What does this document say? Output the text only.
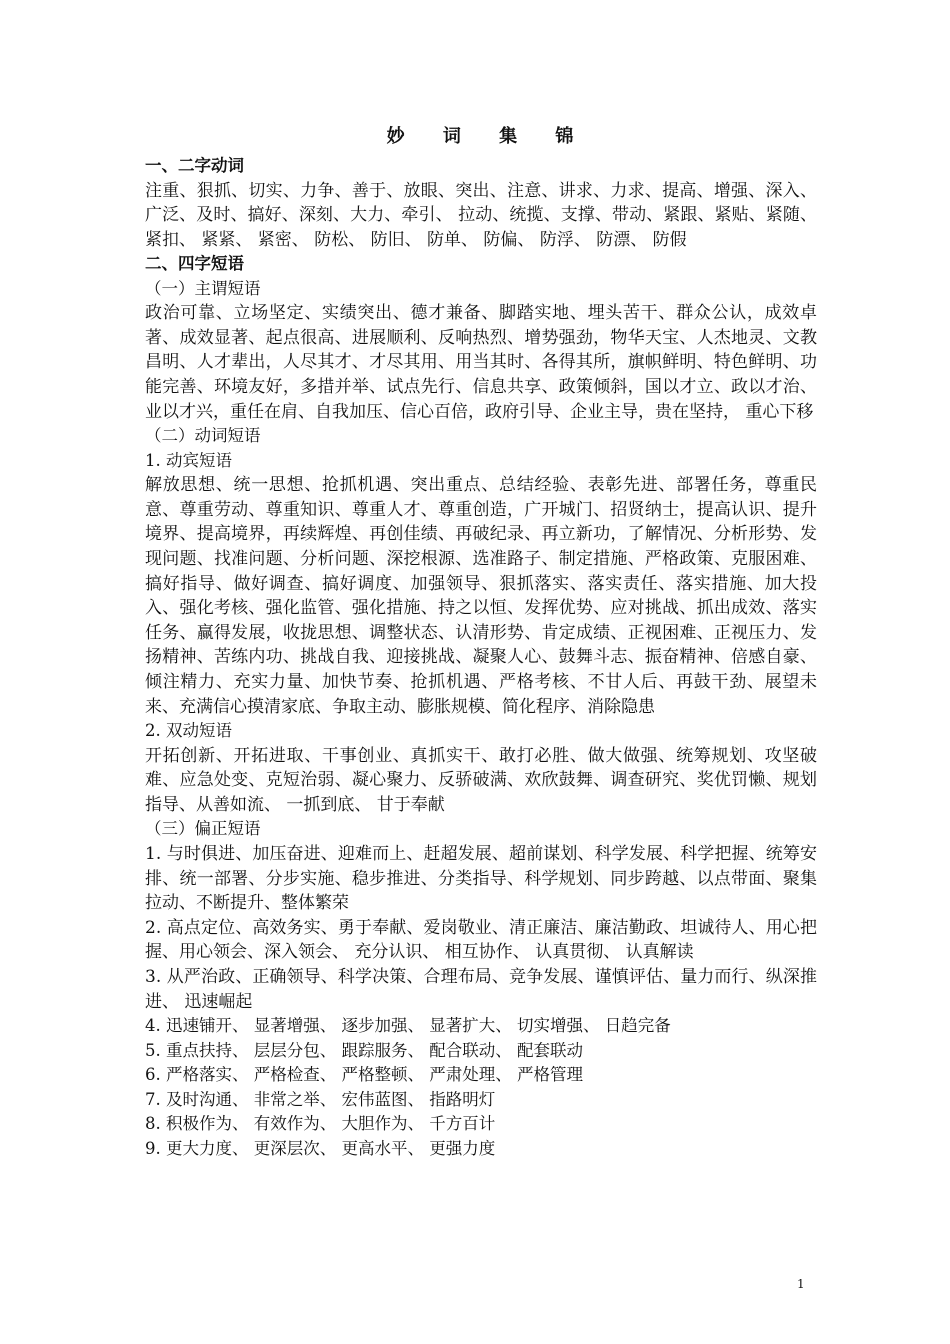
妙 词 集 锦
一、二字动词
注重、狠抓、切实、力争、善于、放眼、突出、注意、讲求、力求、提高、增强、深入、广泛、及时、搞好、深刻、大力、牵引、 拉动、统揽、支撑、带动、紧跟、紧贴、紧随、紧扣、 紧紧、 紧密、 防松、 防旧、 防单、 防偏、 防浮、 防漂、 防假
二、四字短语
（一）主谓短语
政治可靠、立场坚定、实绩突出、德才兼备、脚踏实地、埋头苦干、群众公认，成效卓著、成效显著、起点很高、进展顺利、反响热烈、增势强劲，物华天宝、人杰地灵、文教昌明、人才辈出，人尽其才、才尽其用、用当其时、各得其所，旗帜鲜明、特色鲜明、功能完善、环境友好，多措并举、试点先行、信息共享、政策倾斜，国以才立、政以才治、业以才兴，重任在肩、自我加压、信心百倍，政府引导、企业主导，贵在坚持， 重心下移
（二）动词短语
1. 动宾短语
解放思想、统一思想、抢抓机遇、突出重点、总结经验、表彰先进、部署任务，尊重民意、尊重劳动、尊重知识、尊重人才、尊重创造，广开城门、招贤纳士，提高认识、提升境界、提高境界，再续辉煌、再创佳绩、再破纪录、再立新功，了解情况、分析形势、发现问题、找准问题、分析问题、深挖根源、选准路子、制定措施、严格政策、克服困难、搞好指导、做好调查、搞好调度、加强领导、狠抓落实、落实责任、落实措施、加大投入、强化考核、强化监管、强化措施、持之以恒、发挥优势、应对挑战、抓出成效、落实任务、赢得发展，收拢思想、调整状态、认清形势、肯定成绩、正视困难、正视压力、发扬精神、苦练内功、挑战自我、迎接挑战、凝聚人心、鼓舞斗志、振奋精神、倍感自豪、倾注精力、充实力量、加快节奏、抢抓机遇、严格考核、不甘人后、再鼓干劲、展望未来、充满信心摸清家底、争取主动、膨胀规模、简化程序、消除隐患
2. 双动短语
开拓创新、开拓进取、干事创业、真抓实干、敢打必胜、做大做强、统筹规划、攻坚破难、应急处变、克短治弱、凝心聚力、反骄破满、欢欣鼓舞、调查研究、奖优罚懒、规划指导、从善如流、 一抓到底、 甘于奉献
（三）偏正短语
1. 与时俱进、加压奋进、迎难而上、赶超发展、超前谋划、科学发展、科学把握、统筹安排、统一部署、分步实施、稳步推进、分类指导、科学规划、同步跨越、以点带面、聚集拉动、不断提升、整体繁荣
2. 高点定位、高效务实、勇于奉献、爱岗敬业、清正廉洁、廉洁勤政、坦诚待人、用心把握、用心领会、深入领会、 充分认识、 相互协作、 认真贯彻、 认真解读
3. 从严治政、正确领导、科学决策、合理布局、竞争发展、谨慎评估、量力而行、纵深推进、 迅速崛起
4. 迅速铺开、 显著增强、 逐步加强、 显著扩大、 切实增强、 日趋完备
5. 重点扶持、 层层分包、 跟踪服务、 配合联动、 配套联动
6. 严格落实、 严格检查、 严格整顿、 严肃处理、 严格管理
7. 及时沟通、 非常之举、 宏伟蓝图、 指路明灯
8. 积极作为、 有效作为、 大胆作为、 千方百计
9. 更大力度、 更深层次、 更高水平、 更强力度
1
